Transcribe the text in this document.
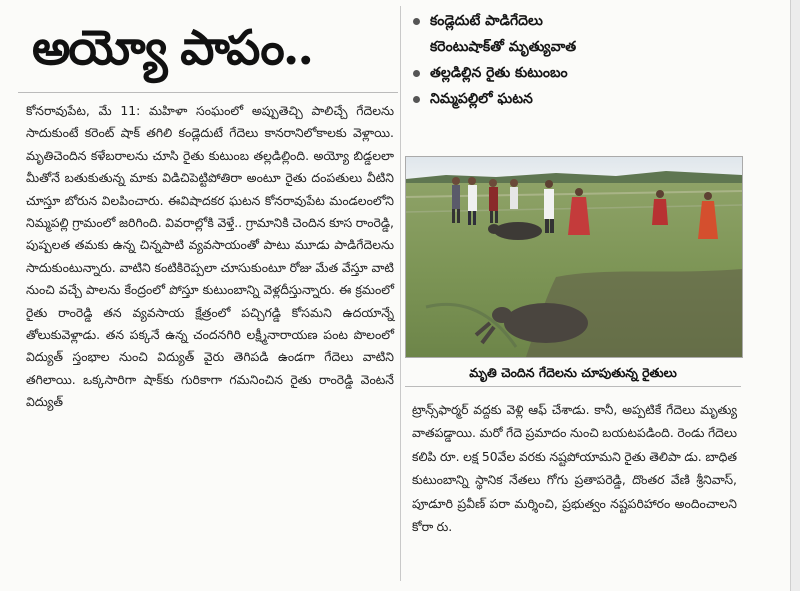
అయ్యో పాపం..
కోనరావుపేట, మే 11: మహిళా సంఘంలో అప్పుతెచ్చి పాలిచ్చే గేదెలను సాదుకుంటే కరెంట్ షాక్ తగిలి కండ్లెదుటే గేదెలు కానరానిలోకాలకు వెళ్లాయి. మృతిచెందిన కళేబరాలను చూసి రైతు కుటుంబ తల్లడిల్లింది. అయ్యో బిడ్డలలా మీతోనే బతుకుతున్న మాకు విడిచిపెట్టిపోతిరా అంటూ రైతు దంపతులు వీటిని చూస్తూ బోరున విలపించారు. ఈవిషాదకర ఘటన కోనరావుపేట మండలంలోని నిమ్మపల్లి గ్రామంలో జరిగింది. వివరాల్లోకి వెళ్తే.. గ్రామానికి చెందిన కూస రాంరెడ్డి, పుష్పలత తమకు ఉన్న చిన్నపాటి వ్యవసాయంతో పాటు మూడు పాడిగేదెలను సాదుకుంటున్నారు. వాటిని కంటికిరెప్పలా చూసుకుంటూ రోజు మేత వేస్తూ వాటి నుంచి వచ్చే పాలను కేంద్రంలో పోస్తూ కుటుంబాన్ని వెళ్లదీస్తున్నారు. ఈ క్రమంలో రైతు రాంరెడ్డి తన వ్యవసాయ క్షేత్రంలో పచ్చిగడ్డి కోసమని ఉదయాన్నే తోలుకువెళ్లాడు. తన పక్కనే ఉన్న చందనగిరి లక్ష్మీనారాయణ పంట పొలంలో విద్యుత్ స్తంభాల నుంచి విద్యుత్ వైరు తెగిపడి ఉండగా గేదెలు వాటిని తగిలాయి. ఒక్కసారిగా షాక్‌కు గురికాగా గమనించిన రైతు రాంరెడ్డి వెంటనే విద్యుత్
కండ్లెదుటే పాడిగేదెలు
కరెంటుషాక్‌తో మృత్యువాత
తల్లడిల్లిన రైతు కుటుంబం
నిమ్మపల్లిలో ఘటన
మృతి చెందిన గేదెలను చూపుతున్న రైతులు
ట్రాన్స్‌ఫార్మర్ వద్దకు వెళ్లి ఆఫ్ చేశాడు. కానీ, అప్పటికే గేదెలు మృత్యు వాతపడ్డాయి. మరో గేదె ప్రమాదం నుంచి బయటపడింది. రెండు గేదెలు కలిపి రూ. లక్ష 50వేల వరకు నష్టపోయామని రైతు తెలిపా డు. బాధిత కుటుంబాన్ని స్థానిక నేతలు గోగు ప్రతాపరెడ్డి, దొంతర వేణి శ్రీనివాస్, పూడూరి ప్రవీణ్ పరా మర్శించి, ప్రభుత్వం నష్టపరిహారం అందించాలని కోరా రు.
